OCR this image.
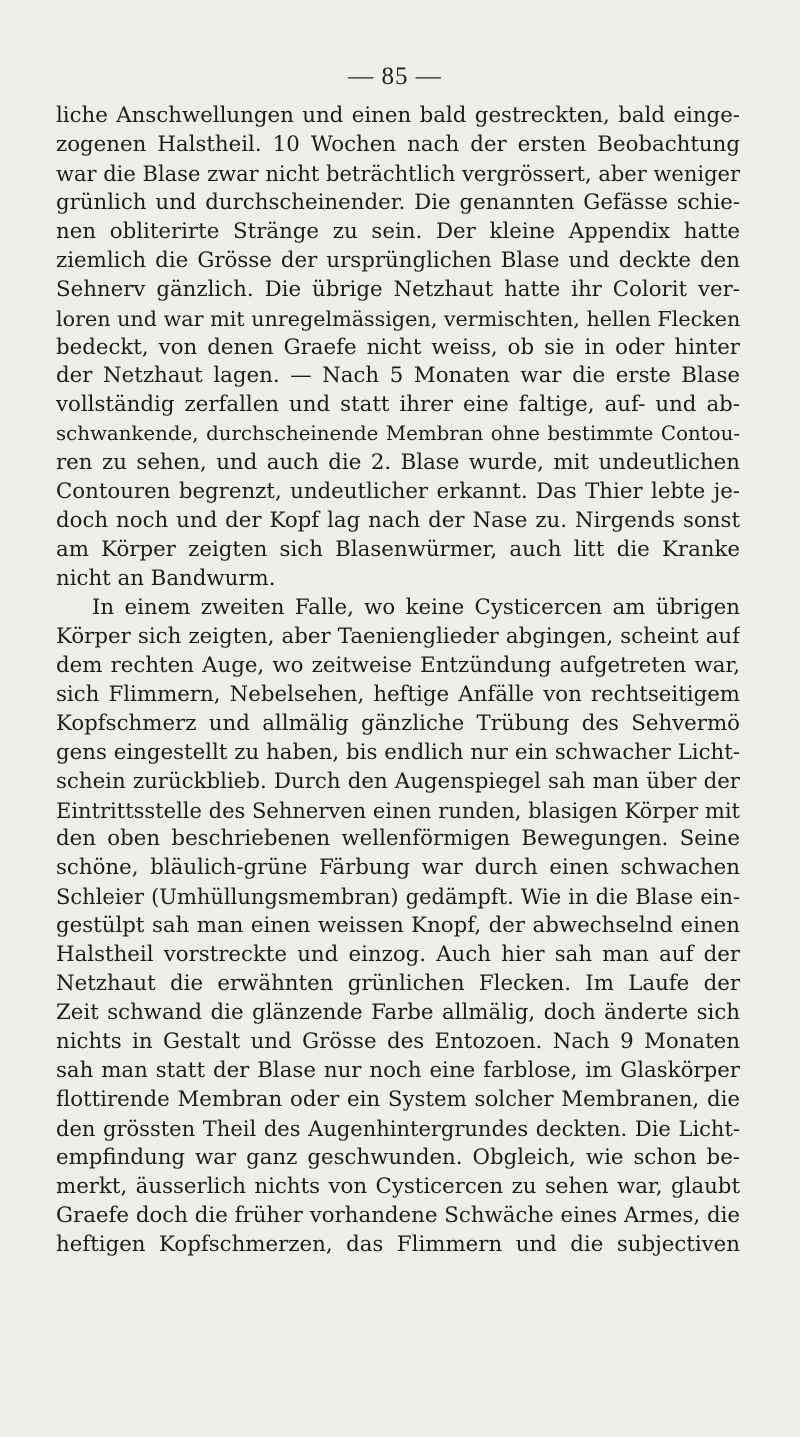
— 85 —
liche Anschwellungen und einen bald gestreckten, bald einge-
zogenen Halstheil. 10 Wochen nach der ersten Beobachtung
war die Blase zwar nicht beträchtlich vergrössert, aber weniger
grünlich und durchscheinender. Die genannten Gefässe schie-
nen obliterirte Stränge zu sein. Der kleine Appendix hatte
ziemlich die Grösse der ursprünglichen Blase und deckte den
Sehnerv gänzlich. Die übrige Netzhaut hatte ihr Colorit ver-
loren und war mit unregelmässigen, vermischten, hellen Flecken
bedeckt, von denen Graefe nicht weiss, ob sie in oder hinter
der Netzhaut lagen. — Nach 5 Monaten war die erste Blase
vollständig zerfallen und statt ihrer eine faltige, auf- und ab-
schwankende, durchscheinende Membran ohne bestimmte Contou-
ren zu sehen, und auch die 2. Blase wurde, mit undeutlichen
Contouren begrenzt, undeutlicher erkannt. Das Thier lebte je-
doch noch und der Kopf lag nach der Nase zu. Nirgends sonst
am Körper zeigten sich Blasenwürmer, auch litt die Kranke
nicht an Bandwurm.
In einem zweiten Falle, wo keine Cysticercen am übrigen
Körper sich zeigten, aber Taenienglieder abgingen, scheint auf
dem rechten Auge, wo zeitweise Entzündung aufgetreten war,
sich Flimmern, Nebelsehen, heftige Anfälle von rechtseitigem
Kopfschmerz und allmälig gänzliche Trübung des Sehvermö
gens eingestellt zu haben, bis endlich nur ein schwacher Licht-
schein zurückblieb. Durch den Augenspiegel sah man über der
Eintrittsstelle des Sehnerven einen runden, blasigen Körper mit
den oben beschriebenen wellenförmigen Bewegungen. Seine
schöne, bläulich-grüne Färbung war durch einen schwachen
Schleier (Umhüllungsmembran) gedämpft. Wie in die Blase ein-
gestülpt sah man einen weissen Knopf, der abwechselnd einen
Halstheil vorstreckte und einzog. Auch hier sah man auf der
Netzhaut die erwähnten grünlichen Flecken. Im Laufe der
Zeit schwand die glänzende Farbe allmälig, doch änderte sich
nichts in Gestalt und Grösse des Entozoen. Nach 9 Monaten
sah man statt der Blase nur noch eine farblose, im Glaskörper
flottirende Membran oder ein System solcher Membranen, die
den grössten Theil des Augenhintergrundes deckten. Die Licht-
empfindung war ganz geschwunden. Obgleich, wie schon be-
merkt, äusserlich nichts von Cysticercen zu sehen war, glaubt
Graefe doch die früher vorhandene Schwäche eines Armes, die
heftigen Kopfschmerzen, das Flimmern und die subjectiven
